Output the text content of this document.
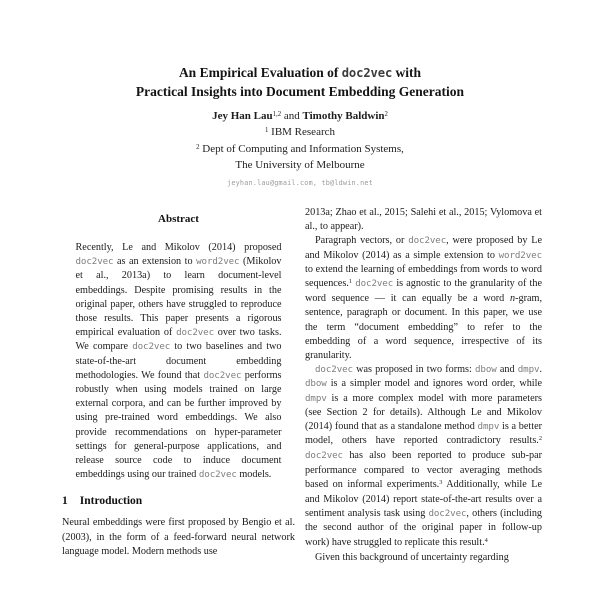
An Empirical Evaluation of doc2vec with
Practical Insights into Document Embedding Generation
Jey Han Lau$^{1,2}$ and Timothy Baldwin$^2$
$^1$ IBM Research
$^2$ Dept of Computing and Information Systems,
The University of Melbourne
jeyhan.lau@gmail.com, tb@ldwin.net
Abstract

Recently, Le and Mikolov (2014) proposed doc2vec as an extension to word2vec (Mikolov et al., 2013a) to learn document-level embeddings. Despite promising results in the original paper, others have struggled to reproduce those results. This paper presents a rigorous empirical evaluation of doc2vec over two tasks. We compare doc2vec to two baselines and two state-of-the-art document embedding methodologies. We found that doc2vec performs robustly when using models trained on large external corpora, and can be further improved by using pre-trained word embeddings. We also provide recommendations on hyper-parameter settings for general-purpose applications, and release source code to induce document embeddings using our trained doc2vec models.

1 Introduction

Neural embeddings were first proposed by Bengio et al. (2003), in the form of a feed-forward neural network language model. Modern methods use

2013a; Zhao et al., 2015; Salehi et al., 2015; Vylomova et al., to appear).

Paragraph vectors, or doc2vec, were proposed by Le and Mikolov (2014) as a simple extension to word2vec to extend the learning of embeddings from words to word sequences.$^1$ doc2vec is agnostic to the granularity of the word sequence — it can equally be a word n-gram, sentence, paragraph or document. In this paper, we use the term “document embedding” to refer to the embedding of a word sequence, irrespective of its granularity.

doc2vec was proposed in two forms: dbow and dmpv. dbow is a simpler model and ignores word order, while dmpv is a more complex model with more parameters (see Section 2 for details). Although Le and Mikolov (2014) found that as a standalone method dmpv is a better model, others have reported contradictory results.$^2$ doc2vec has also been reported to produce sub-par performance compared to vector averaging methods based on informal experiments.$^3$ Additionally, while Le and Mikolov (2014) report state-of-the-art results over a sentiment analysis task using doc2vec, others (including the second author of the original paper in follow-up work) have struggled to replicate this result.$^4$

Given this background of uncertainty regarding
